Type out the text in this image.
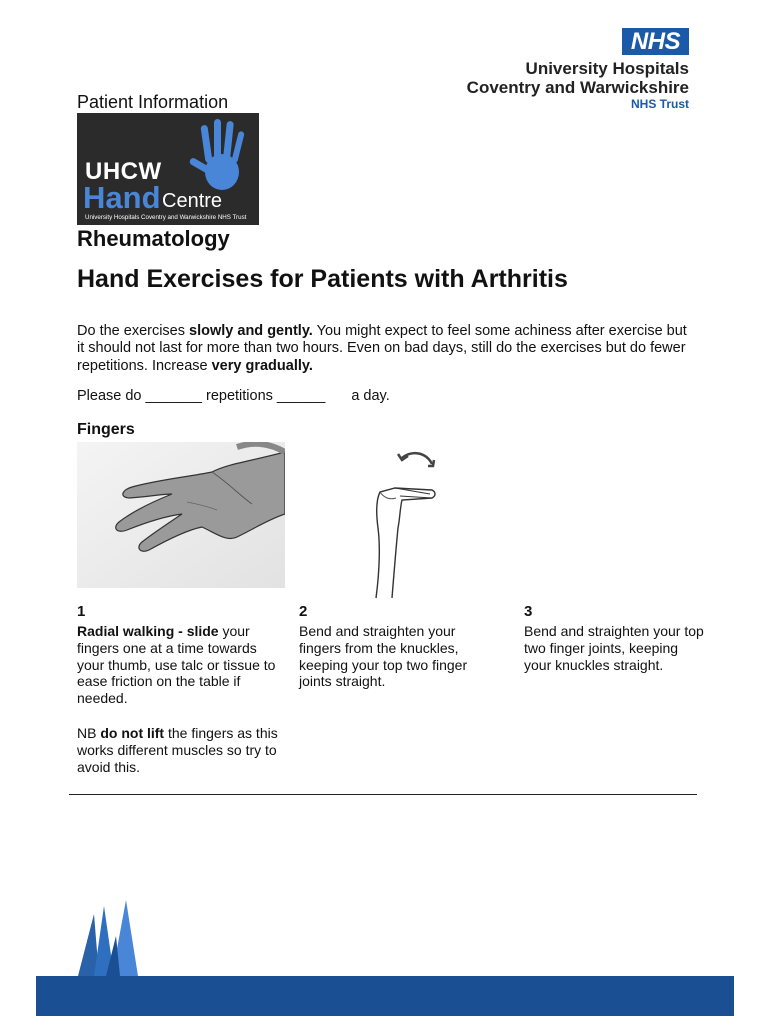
NHS
University Hospitals
Coventry and Warwickshire
NHS Trust
Patient Information
UHCW
Hand Centre
University Hospitals Coventry and Warwickshire NHS Trust
Rheumatology
Hand Exercises for Patients with Arthritis
Do the exercises slowly and gently. You might expect to feel some achiness after exercise but it should not last for more than two hours. Even on bad days, still do the exercises but do fewer repetitions. Increase very gradually.
Please do _______ repetitions ______ a day.
Fingers
1	2	3
Radial walking - slide your fingers one at a time towards your thumb, use talc or tissue to ease friction on the table if needed.
NB do not lift the fingers as this works different muscles so try to avoid this.
Bend and straighten your fingers from the knuckles, keeping your top two finger joints straight.
Bend and straighten your top two finger joints, keeping your knuckles straight.
